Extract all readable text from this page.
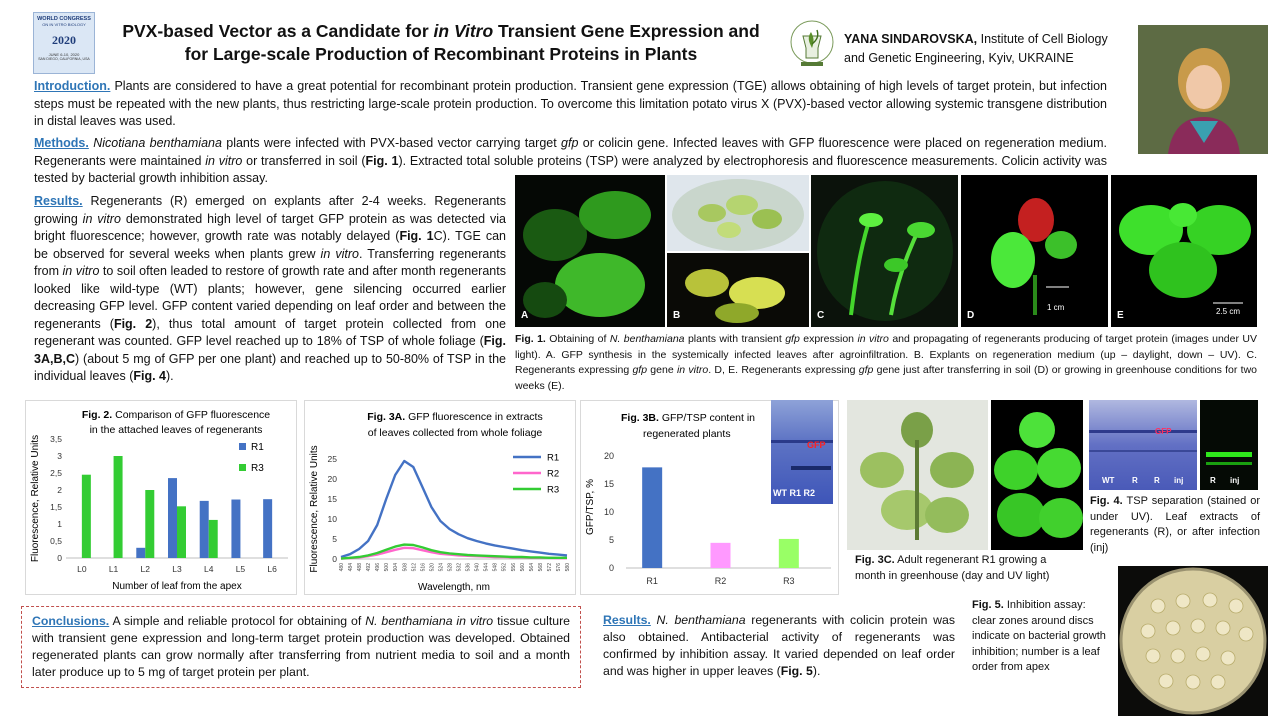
WORLD CONGRESS
ON IN VITRO BIOLOGY
2020
JUNE 6-10, 2020
SAN DIEGO, CALIFORNIA, USA
PVX-based Vector as a Candidate for in Vitro Transient Gene Expression and
for Large-scale Production of Recombinant Proteins in Plants
YANA SINDAROVSKA, Institute of Cell Biology
and Genetic Engineering, Kyiv, UKRAINE
Introduction. Plants are considered to have a great potential for recombinant protein production. Transient gene expression (TGE) allows obtaining of high levels of target protein, but infection steps must be repeated with the new plants, thus restricting large-scale protein production. To overcome this limitation potato virus X (PVX)-based vector allowing systemic transgene distribution in distal leaves was used.
Methods. Nicotiana benthamiana plants were infected with PVX-based vector carrying target gfp or colicin gene. Infected leaves with GFP fluorescence were placed on regeneration medium. Regenerants were maintained in vitro or transferred in soil (Fig. 1). Extracted total soluble proteins (TSP) were analyzed by electrophoresis and fluorescence measurements. Colicin activity was tested by bacterial growth inhibition assay.
Results. Regenerants (R) emerged on explants after 2-4 weeks. Regenerants growing in vitro demonstrated high level of target GFP protein as was detected via bright fluorescence; however, growth rate was notably delayed (Fig. 1C). TGE can be observed for several weeks when plants grew in vitro. Transferring regenerants from in vitro to soil often leaded to restore of growth rate and after month regenerants looked like wild-type (WT) plants; however, gene silencing occurred earlier decreasing GFP level. GFP content varied depending on leaf order and between the regenerants (Fig. 2), thus total amount of target protein collected from one regenerant was counted. GFP level reached up to 18% of TSP of whole foliage (Fig. 3A,B,C) (about 5 mg of GFP per one plant) and reached up to 50-80% of TSP in the individual leaves (Fig. 4).
A	B	C
1 cm
D	2.5 cm
E
Fig. 1. Obtaining of N. benthamiana plants with transient gfp expression in vitro and propagating of regenerants producing of target protein (images under UV light). A. GFP synthesis in the systemically infected leaves after agroinfiltration. B. Explants on regeneration medium (up – daylight, down – UV). C. Regenerants expressing gfp gene in vitro. D, E. Regenerants expressing gfp gene just after transferring in soil (D) or growing in greenhouse conditions for two weeks (E).
Fig. 2. Comparison of GFP fluorescence
in the attached leaves of regenerants
0
0,5
1
1,5
2
2,5
3
3,5
L0	L1	L2	L3	L4	L5	L6
Number of leaf from the apex
Fluorescence, Relative Units	R1
R3
Fig. 3A. GFP fluorescence in extracts
of leaves collected from whole foliage
0
5
10
15
20
25
480 484 488 492 496 500 504 508 512 516 520 524 528 532 536 540 544 548 552 556 560 564 568 572 576 580
Wavelength, nm
Fluorescence, Relative Units	R1
R2
R3
Fig. 3B. GFP/TSP content in
regenerated plants
0
5
10
15
20
R1	R2	R3
GFP/TSP, %
GFP
WT R1 R2
Fig. 3C. Adult regenerant R1 growing a
month in greenhouse (day and UV light)
GFP
WT R R inj	R inj
Fig. 4. TSP separation (stained or under UV). Leaf extracts of regenerants (R), or after infection (inj)
Fig. 5. Inhibition assay: clear zones around discs indicate on bacterial growth inhibition; number is a leaf order from apex
Conclusions. A simple and reliable protocol for obtaining of N. benthamiana in vitro tissue culture with transient gene expression and long-term target protein production was developed. Obtained regenerated plants can grow normally after transferring from nutrient media to soil and a month later produce up to 5 mg of target protein per plant.
Results. N. benthamiana regenerants with colicin protein was also obtained. Antibacterial activity of regenerants was confirmed by inhibition assay. It varied depended on leaf order and was higher in upper leaves (Fig. 5).
